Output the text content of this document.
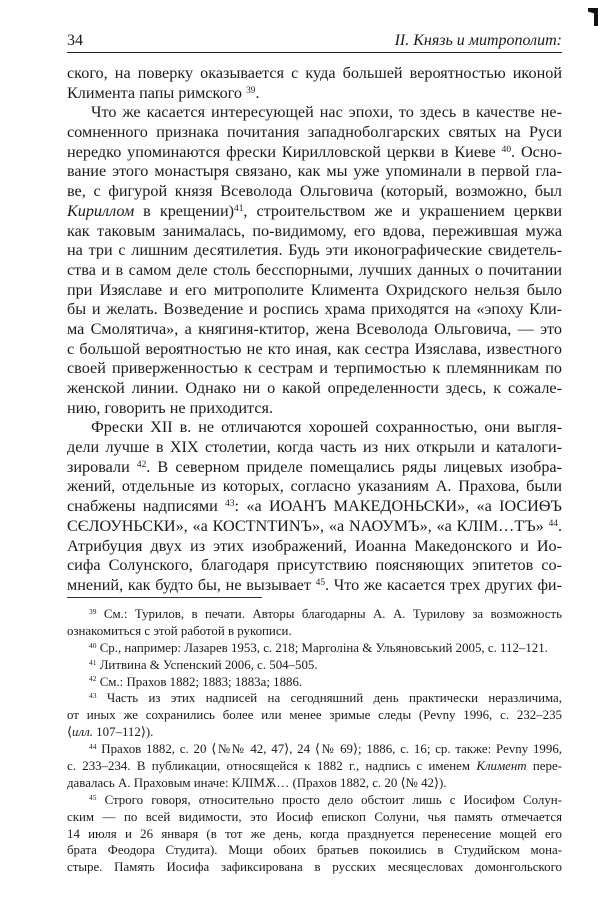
34	II. Князь и митрополит:
ского, на поверку оказывается с куда большей вероятностью иконой
Климента папы римского $^{39}$.
Что же касается интересующей нас эпохи, то здесь в качестве не-
сомненного признака почитания западноболгарских святых на Руси
нередко упоминаются фрески Кирилловской церкви в Киеве $^{40}$. Осно-
вание этого монастыря связано, как мы уже упоминали в первой гла-
ве, с фигурой князя Всеволода Ольговича (который, возможно, был
Кириллом в крещении)$^{41}$, строительством же и украшением церкви
как таковым занималась, по-видимому, его вдова, пережившая мужа
на три с лишним десятилетия. Будь эти иконографические свидетель-
ства и в самом деле столь бесспорными, лучших данных о почитании
при Изяславе и его митрополите Климента Охридского нельзя было
бы и желать. Возведение и роспись храма приходятся на «эпоху Кли-
ма Смолятича», а княгиня-ктитор, жена Всеволода Ольговича, — это
с большой вероятностью не кто иная, как сестра Изяслава, известного
своей приверженностью к сестрам и терпимостью к племянникам по
женской линии. Однако ни о какой определенности здесь, к сожале-
нию, говорить не приходится.
Фрески XII в. не отличаются хорошей сохранностью, они выгля-
дели лучше в XIX столетии, когда часть из них открыли и каталоги-
зировали $^{42}$. В северном приделе помещались ряды лицевых изобра-
жений, отдельные из которых, согласно указаниям А. Прахова, были
снабжены надписями $^{43}$: «а ИОАНЪ МАКЕДОНЬСКИ», «а ІОСИѲЪ
СЄЛОУНЬСКИ», «а КОСТNТИNЪ», «а NАОУМЪ», «а КЛІМ…ТЪ» $^{44}$.
Атрибуция двух из этих изображений, Иоанна Македонского и Ио-
сифа Солунского, благодаря присутствию поясняющих эпитетов со-
мнений, как будто бы, не вызывает $^{45}$. Что же касается трех других фи-
$^{39}$ См.: Турилов, в печати. Авторы благодарны А. А. Турилову за возможность
ознакомиться с этой работой в рукописи.
$^{40}$ Ср., например: Лазарев 1953, с. 218; Марголіна & Ульяновський 2005, с. 112–121.
$^{41}$ Литвина & Успенский 2006, с. 504–505.
$^{42}$ См.: Прахов 1882; 1883; 1883а; 1886.
$^{43}$ Часть из этих надписей на сегодняшний день практически неразличима,
от иных же сохранились более или менее зримые следы (Pevny 1996, с. 232–235
⟨илл. 107–112⟩).
$^{44}$ Прахов 1882, с. 20 ⟨№№ 42, 47⟩, 24 ⟨№ 69⟩; 1886, с. 16; ср. также: Pevny 1996,
с. 233–234. В публикации, относящейся к 1882 г., надпись с именем Климент пере-
давалась А. Праховым иначе: КЛІМѪ… (Прахов 1882, с. 20 ⟨№ 42⟩).
$^{45}$ Строго говоря, относительно просто дело обстоит лишь с Иосифом Солун-
ским — по всей видимости, это Иосиф епископ Солуни, чья память отмечается
14 июля и 26 января (в тот же день, когда празднуется перенесение мощей его
брата Феодора Студита). Мощи обоих братьев покоились в Студийском мона-
стыре. Память Иосифа зафиксирована в русских месяцесловах домонгольского
